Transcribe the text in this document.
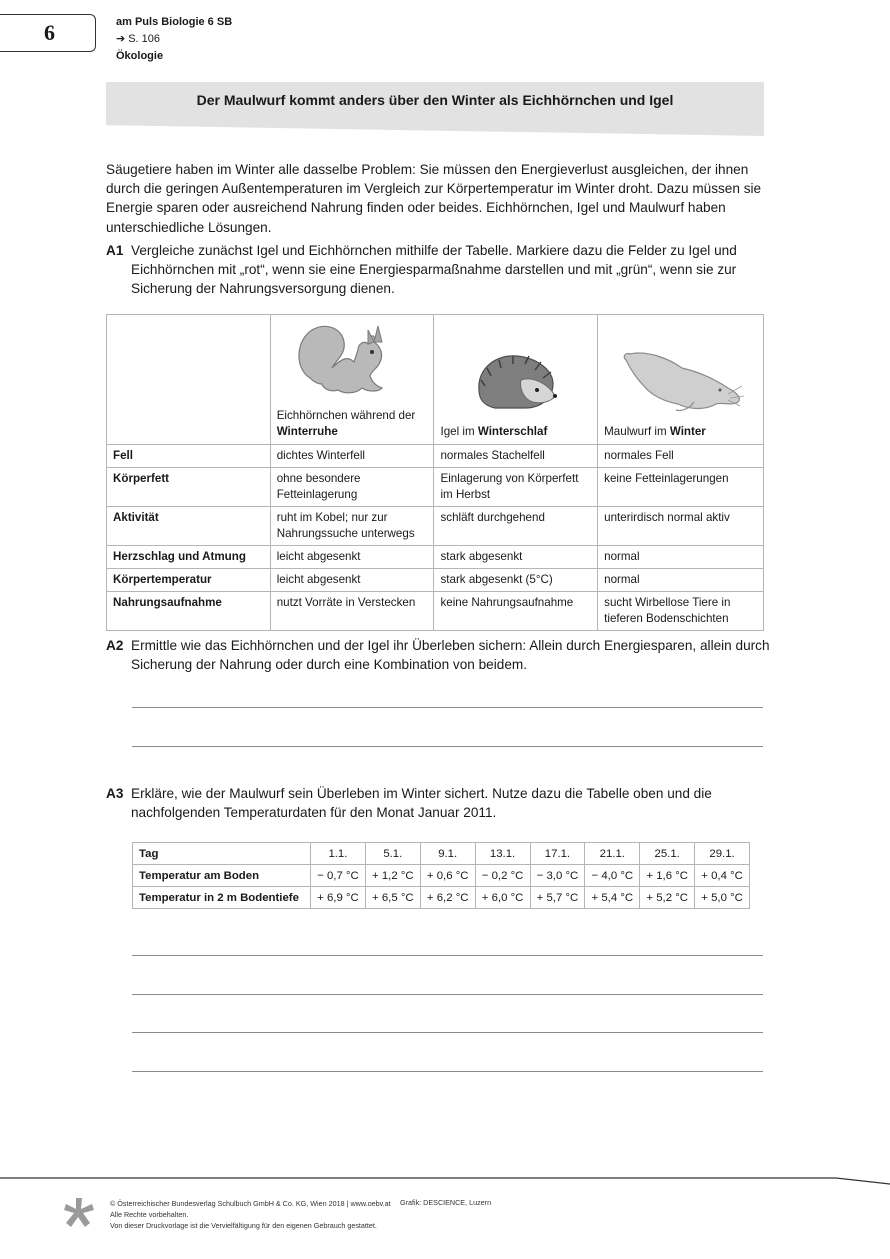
6	am Puls Biologie 6 SB
➔ S. 106
Ökologie
Der Maulwurf kommt anders über den Winter als Eichhörnchen und Igel

Säugetiere haben im Winter alle dasselbe Problem: Sie müssen den Energieverlust ausgleichen, der ihnen durch die geringen Außentemperaturen im Vergleich zur Körpertemperatur im Winter droht. Dazu müssen sie Energie sparen oder ausreichend Nahrung finden oder beides. Eichhörnchen, Igel und Maulwurf haben unterschiedliche Lösungen.

A1 Vergleiche zunächst Igel und Eichhörnchen mithilfe der Tabelle. Markiere dazu die Felder zu Igel und Eichhörnchen mit „rot“, wenn sie eine Energiesparmaßnahme darstellen und mit „grün“, wenn sie zur Sicherung der Nahrungsversorgung dienen.

	Eichhörnchen während der Winterruhe	Igel im Winterschlaf	Maulwurf im Winter

Fell	dichtes Winterfell	normales Stachelfell	normales Fell
Körperfett	ohne besondere Fetteinlagerung	Einlagerung von Körperfett im Herbst	keine Fetteinlagerungen
Aktivität	ruht im Kobel; nur zur Nahrungssuche unterwegs	schläft durchgehend	unterirdisch normal aktiv
Herzschlag und Atmung	leicht abgesenkt	stark abgesenkt	normal
Körpertemperatur	leicht abgesenkt	stark abgesenkt (5°C)	normal
Nahrungsaufnahme	nutzt Vorräte in Verstecken	keine Nahrungsaufnahme	sucht Wirbellose Tiere in tieferen Bodenschichten
A2 Ermittle wie das Eichhörnchen und der Igel ihr Überleben sichern: Allein durch Energiesparen, allein durch Sicherung der Nahrung oder durch eine Kombination von beidem.
A3 Erkläre, wie der Maulwurf sein Überleben im Winter sichert. Nutze dazu die Tabelle oben und die nachfolgenden Temperaturdaten für den Monat Januar 2011.
Tag	1.1.	5.1.	9.1.	13.1.	17.1.	21.1.	25.1.	29.1.
Temperatur am Boden	− 0,7 °C	+ 1,2 °C	+ 0,6 °C	− 0,2 °C	− 3,0 °C	− 4,0 °C	+ 1,6 °C	+ 0,4 °C
Temperatur in 2 m Bodentiefe	+ 6,9 °C	+ 6,5 °C	+ 6,2 °C	+ 6,0 °C	+ 5,7 °C	+ 5,4 °C	+ 5,2 °C	+ 5,0 °C
© Österreichischer Bundesverlag Schulbuch GmbH & Co. KG, Wien 2018 | www.oebv.at
Alle Rechte vorbehalten.
Von dieser Druckvorlage ist die Vervielfältigung für den eigenen Gebrauch gestattet.
Grafik: DESCIENCE, Luzern
